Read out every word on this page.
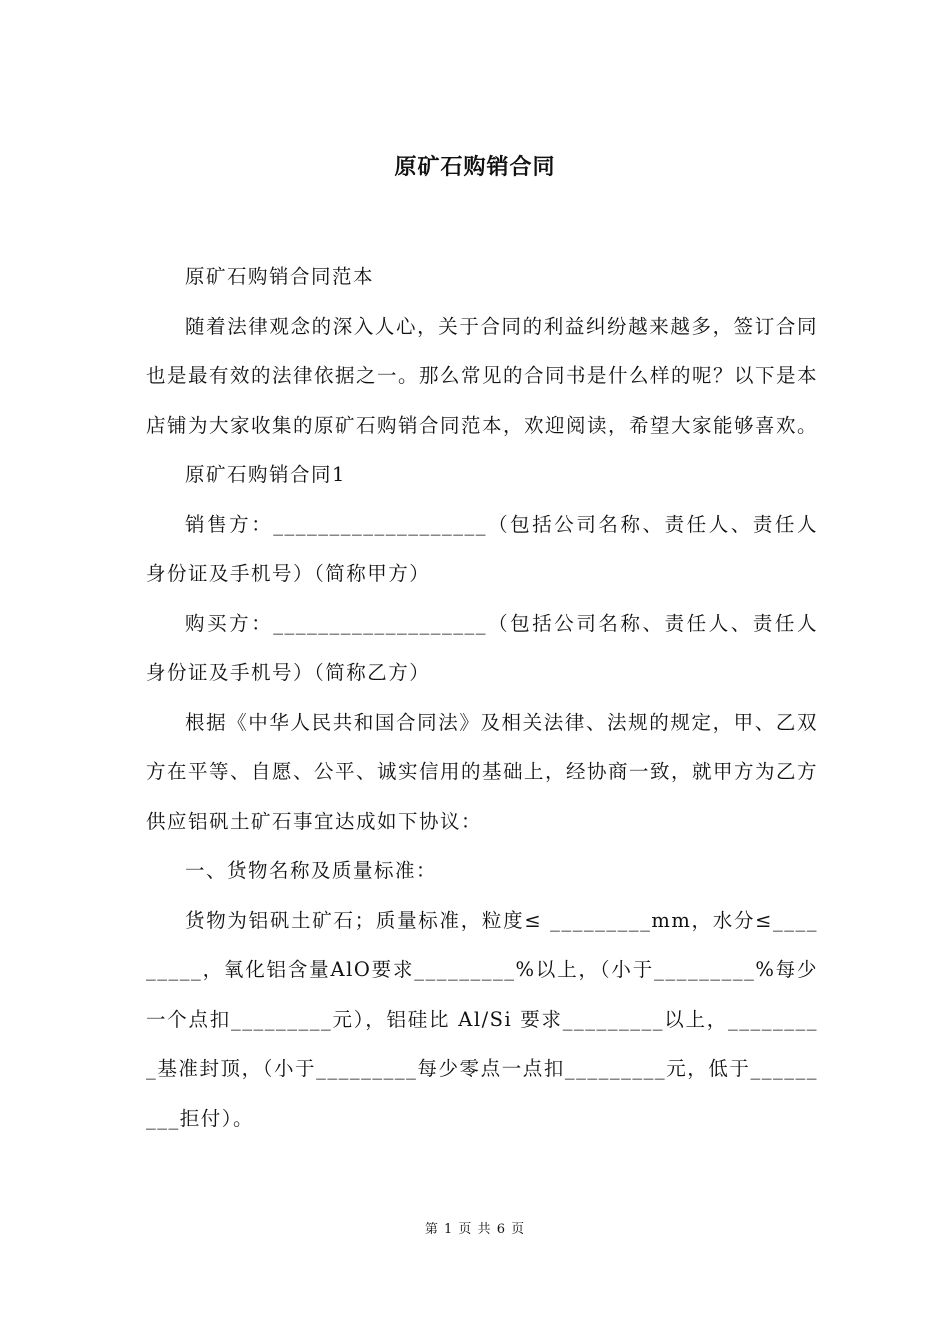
原矿石购销合同

原矿石购销合同范本

随着法律观念的深入人心，关于合同的利益纠纷越来越多，签订合同也是最有效的法律依据之一。那么常见的合同书是什么样的呢？以下是本店铺为大家收集的原矿石购销合同范本，欢迎阅读，希望大家能够喜欢。

原矿石购销合同1

销售方：___________________（包括公司名称、责任人、责任人身份证及手机号）（简称甲方）

购买方：___________________（包括公司名称、责任人、责任人身份证及手机号）（简称乙方）

根据《中华人民共和国合同法》及相关法律、法规的规定，甲、乙双方在平等、自愿、公平、诚实信用的基础上，经协商一致，就甲方为乙方供应铝矾土矿石事宜达成如下协议：

一、货物名称及质量标准：

货物为铝矾土矿石；质量标准，粒度≤ _________mm，水分≤_________，氧化铝含量AlO要求_________%以上，（小于_________%每少一个点扣_________元），铝硅比 Al/Si 要求_________以上，_________基准封顶，（小于_________每少零点一点扣_________元，低于_________拒付）。

第 1 页 共 6 页
